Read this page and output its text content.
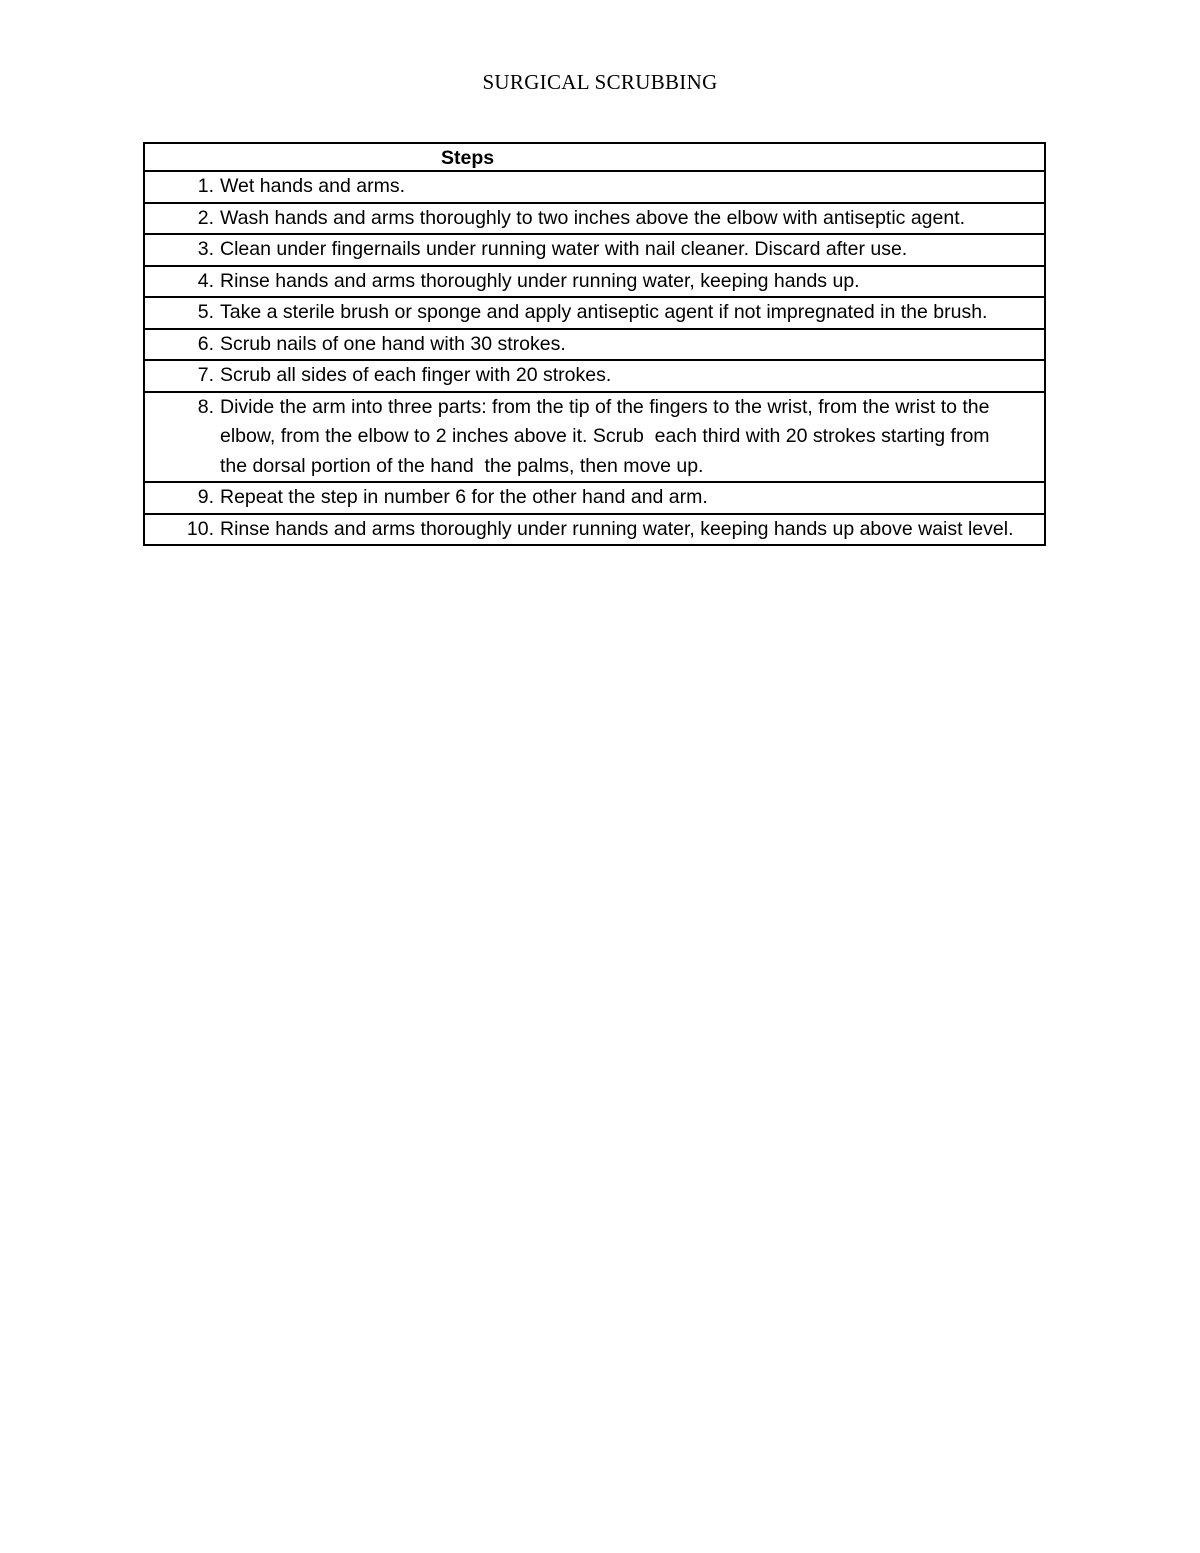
SURGICAL SCRUBBING
Steps
1. Wet hands and arms.
2. Wash hands and arms thoroughly to two inches above the elbow with antiseptic agent.
3. Clean under fingernails under running water with nail cleaner. Discard after use.
4. Rinse hands and arms thoroughly under running water, keeping hands up.
5. Take a sterile brush or sponge and apply antiseptic agent if not impregnated in the brush.
6. Scrub nails of one hand with 30 strokes.
7. Scrub all sides of each finger with 20 strokes.
8. Divide the arm into three parts: from the tip of the fingers to the wrist, from the wrist to the elbow, from the elbow to 2 inches above it. Scrub  each third with 20 strokes starting from the dorsal portion of the hand  the palms, then move up.
9. Repeat the step in number 6 for the other hand and arm.
10. Rinse hands and arms thoroughly under running water, keeping hands up above waist level.
